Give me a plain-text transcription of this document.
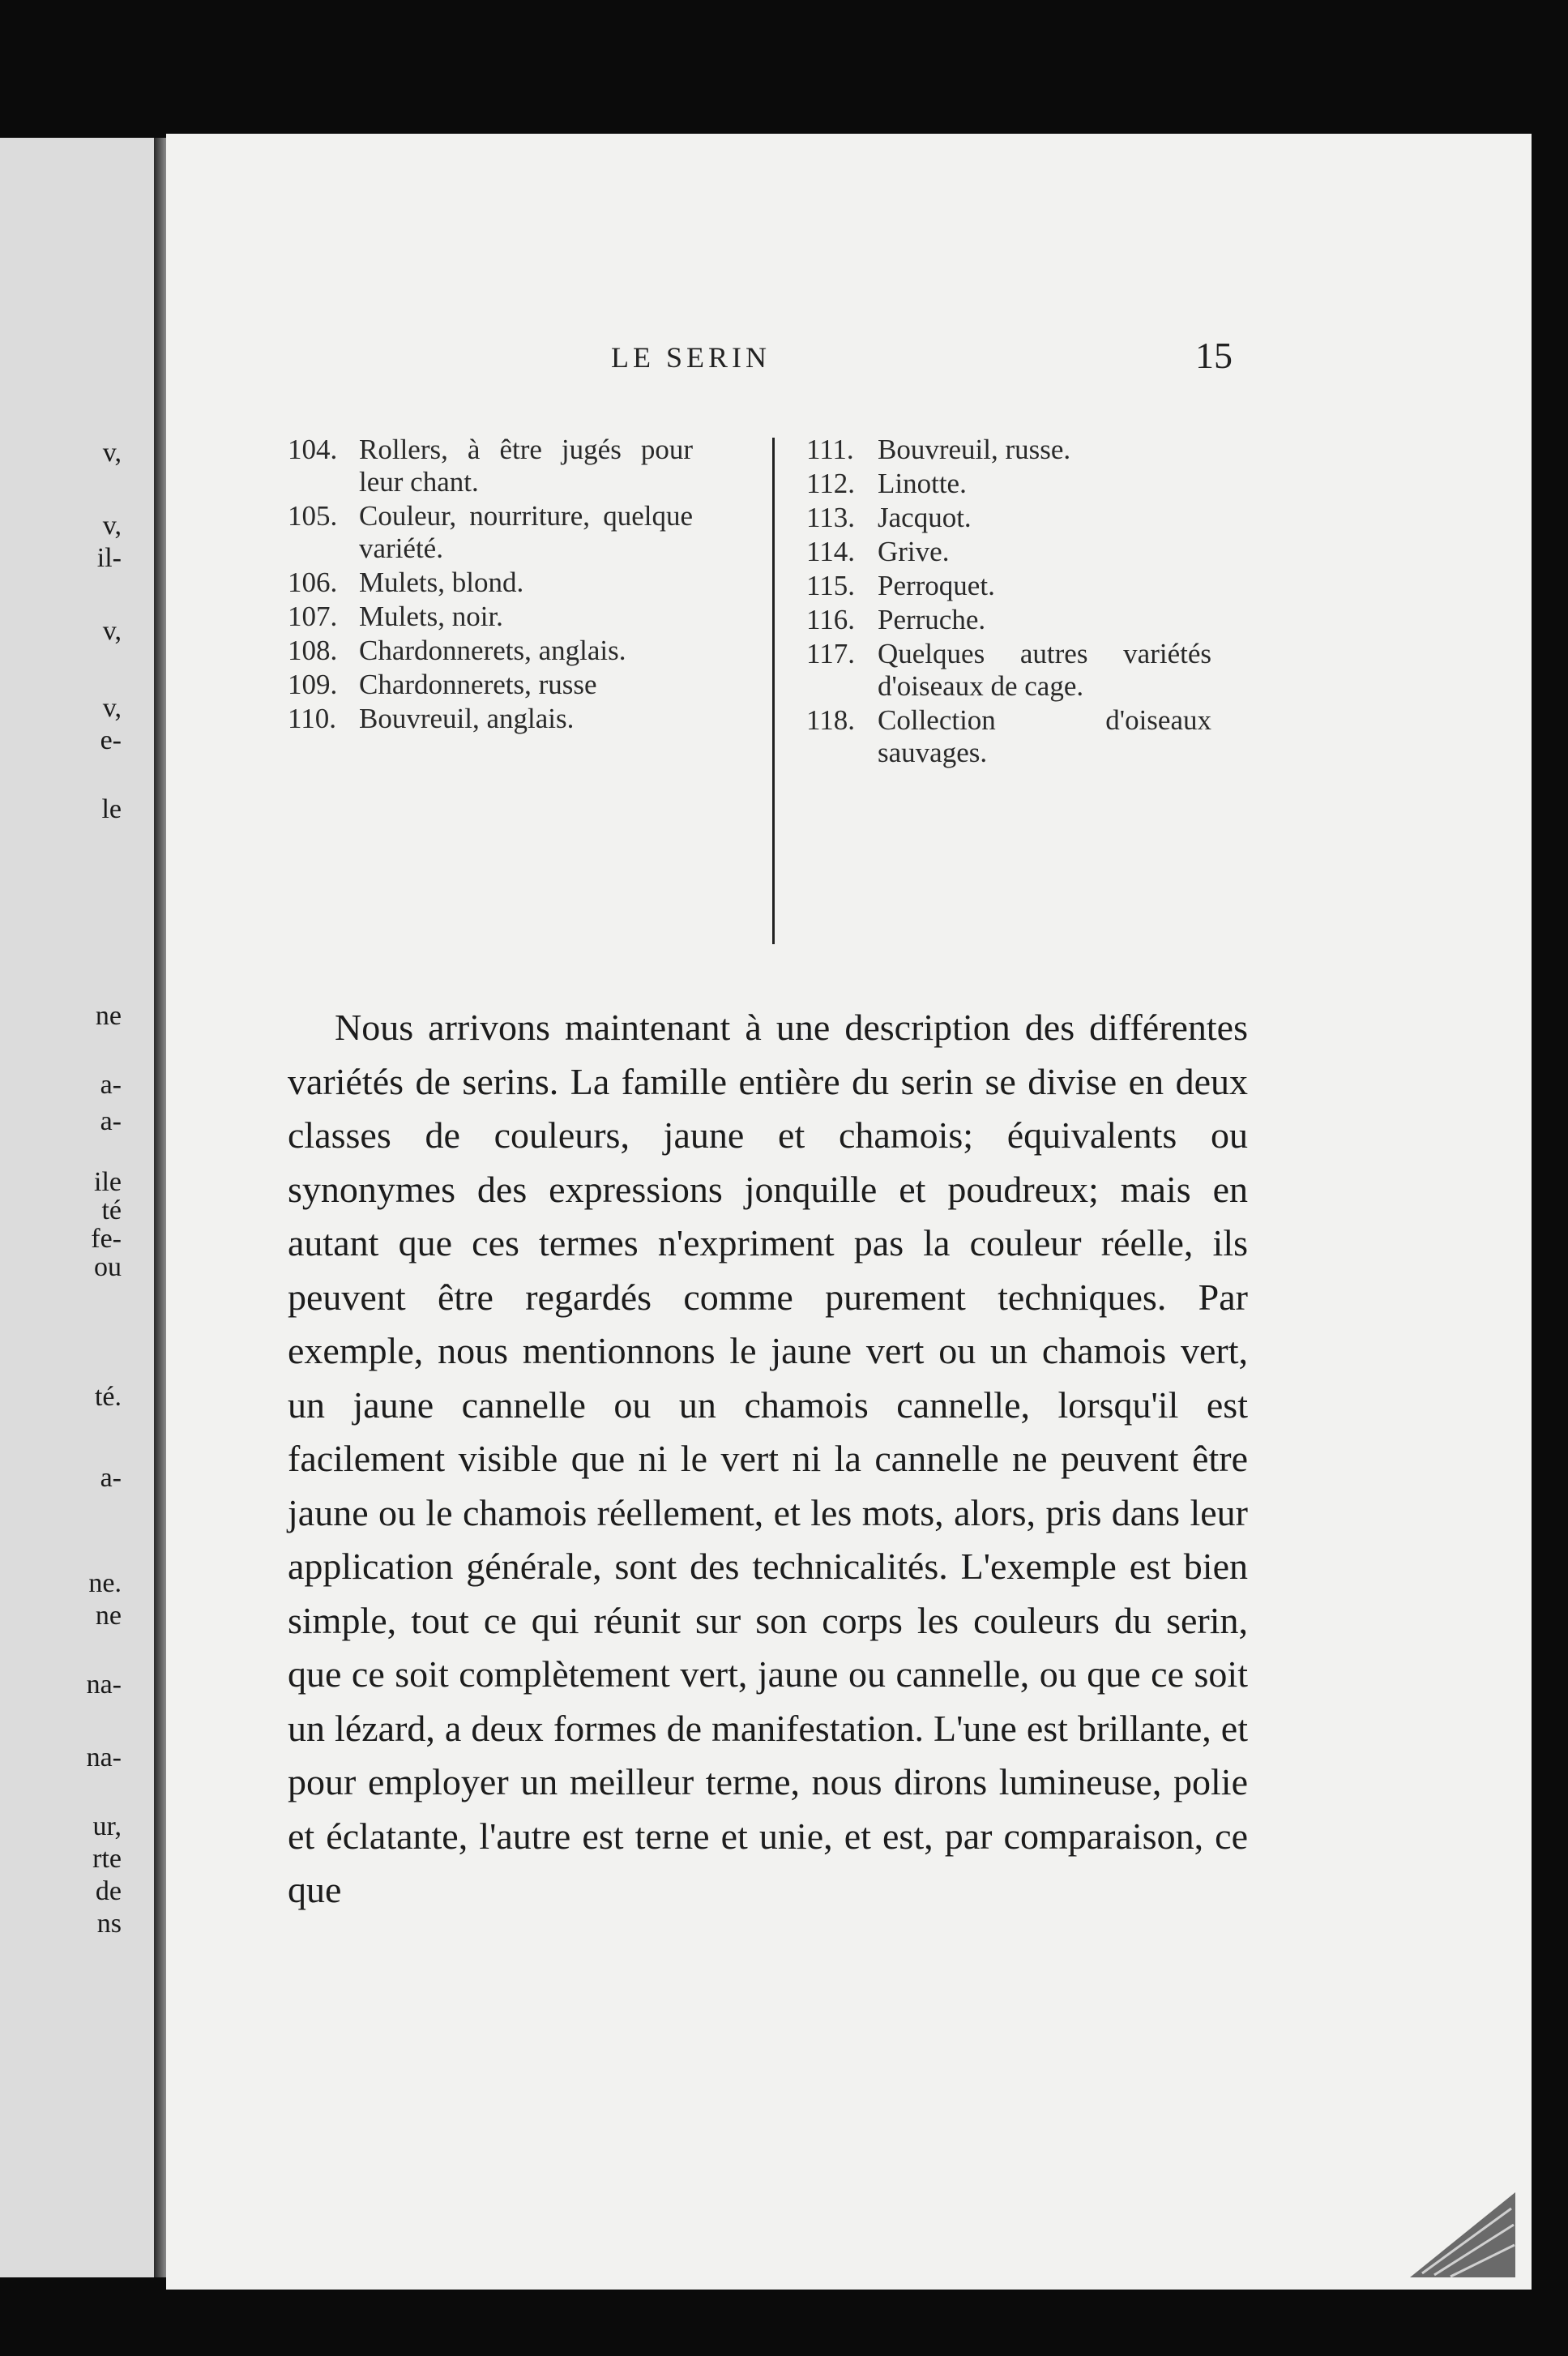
v,
v,
il-
v,
v,
e-
le
ne
a-
a-
ile
té
fe-
ou
té.
a-
ne.
ne
na-
na-
ur,
rte
de
ns
LE SERIN	15
104. Rollers, à être jugés pour leur chant.
105. Couleur, nourriture, quelque variété.
106. Mulets, blond.
107. Mulets, noir.
108. Chardonnerets, anglais.
109. Chardonnerets, russe
110. Bouvreuil, anglais.
111. Bouvreuil, russe.
112. Linotte.
113. Jacquot.
114. Grive.
115. Perroquet.
116. Perruche.
117. Quelques autres variétés d'oiseaux de cage.
118. Collection d'oiseaux sauvages.

Nous arrivons maintenant à une description des différentes variétés de serins. La famille entière du serin se divise en deux classes de couleurs, jaune et chamois; équivalents ou synonymes des expressions jonquille et poudreux; mais en autant que ces termes n'expriment pas la couleur réelle, ils peuvent être regardés comme purement techniques. Par exemple, nous mentionnons le jaune vert ou un chamois vert, un jaune cannelle ou un chamois cannelle, lorsqu'il est facilement visible que ni le vert ni la cannelle ne peuvent être jaune ou le chamois réellement, et les mots, alors, pris dans leur application générale, sont des technicalités. L'exemple est bien simple, tout ce qui réunit sur son corps les couleurs du serin, que ce soit complètement vert, jaune ou cannelle, ou que ce soit un lézard, a deux formes de manifestation. L'une est brillante, et pour employer un meilleur terme, nous dirons lumineuse, polie et éclatante, l'autre est terne et unie, et est, par comparaison, ce que
